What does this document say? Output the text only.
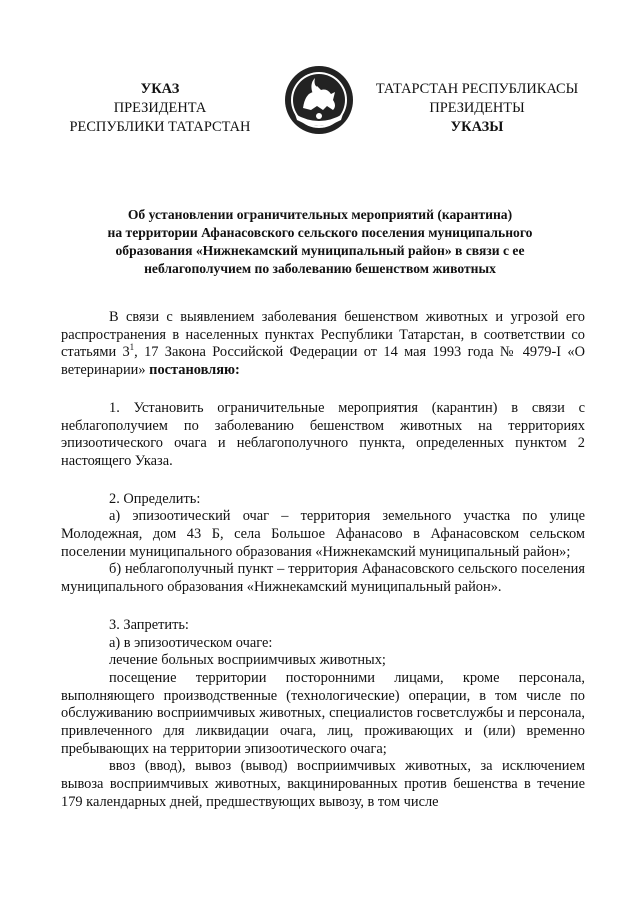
УКАЗ
ПРЕЗИДЕНТА
РЕСПУБЛИКИ ТАТАРСТАН
ТАТАРСТАН РЕСПУБЛИКАСЫ
ПРЕЗИДЕНТЫ
УКАЗЫ
Об установлении ограничительных мероприятий (карантина)
на территории Афанасовского сельского поселения муниципального
образования «Нижнекамский муниципальный район» в связи с ее
неблагополучием по заболеванию бешенством животных

В связи с выявлением заболевания бешенством животных и угрозой его распространения в населенных пунктах Республики Татарстан, в соответствии со статьями $3^1$, 17 Закона Российской Федерации от 14 мая 1993 года № 4979-I «О ветеринарии» постановляю:

1. Установить ограничительные мероприятия (карантин) в связи с неблагополучием по заболеванию бешенством животных на территориях эпизоотического очага и неблагополучного пункта, определенных пунктом 2 настоящего Указа.

2. Определить:

а) эпизоотический очаг – территория земельного участка по улице Молодежная, дом 43 Б, села Большое Афанасово в Афанасовском сельском поселении муниципального образования «Нижнекамский муниципальный район»;

б) неблагополучный пункт – территория Афанасовского сельского поселения муниципального образования «Нижнекамский муниципальный район».

3. Запретить:

а) в эпизоотическом очаге:

лечение больных восприимчивых животных;

посещение территории посторонними лицами, кроме персонала, выполняющего производственные (технологические) операции, в том числе по обслуживанию восприимчивых животных, специалистов госветслужбы и персонала, привлеченного для ликвидации очага, лиц, проживающих и (или) временно пребывающих на территории эпизоотического очага;

ввоз (ввод), вывоз (вывод) восприимчивых животных, за исключением вывоза восприимчивых животных, вакцинированных против бешенства в течение 179 календарных дней, предшествующих вывозу, в том числе
